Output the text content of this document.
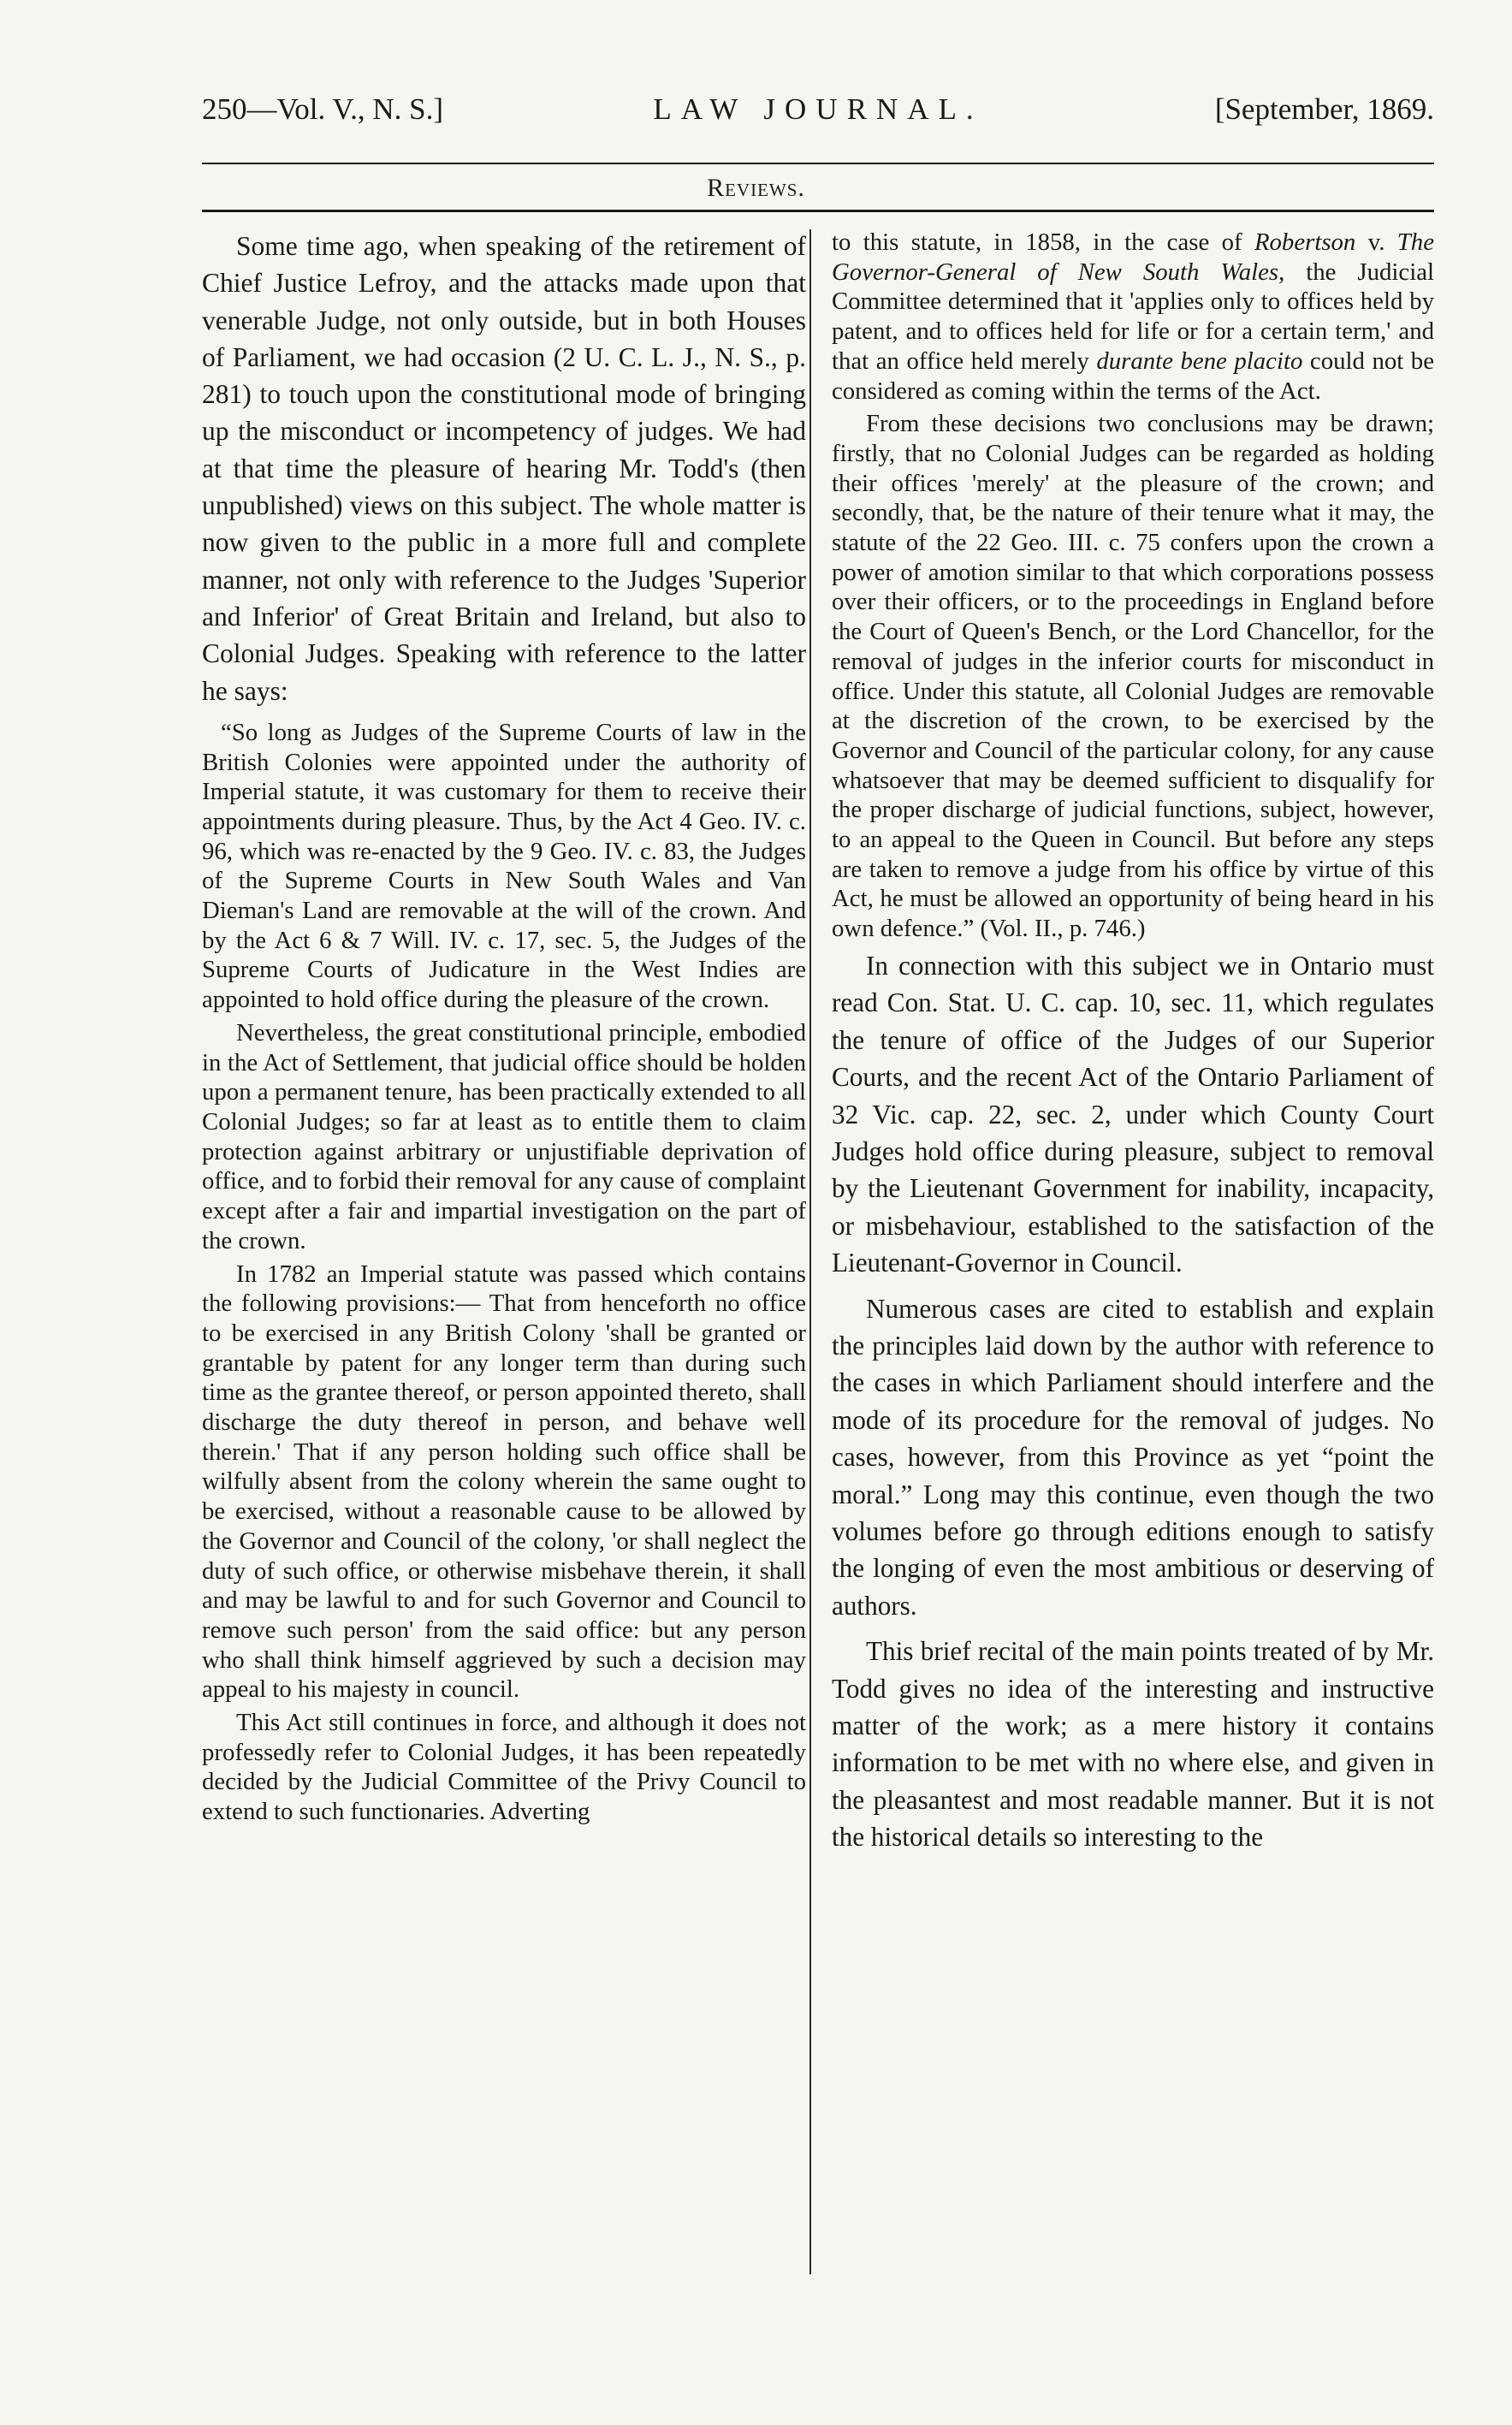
250—Vol. V., N. S.]	LAW JOURNAL.	[September, 1869.
Reviews.

Some time ago, when speaking of the retirement of Chief Justice Lefroy, and the attacks made upon that venerable Judge, not only outside, but in both Houses of Parliament, we had occasion (2 U. C. L. J., N. S., p. 281) to touch upon the constitutional mode of bringing up the misconduct or incompetency of judges. We had at that time the pleasure of hearing Mr. Todd's (then unpublished) views on this subject. The whole matter is now given to the public in a more full and complete manner, not only with reference to the Judges 'Superior and Inferior' of Great Britain and Ireland, but also to Colonial Judges. Speaking with reference to the latter he says:

“So long as Judges of the Supreme Courts of law in the British Colonies were appointed under the authority of Imperial statute, it was customary for them to receive their appointments during pleasure. Thus, by the Act 4 Geo. IV. c. 96, which was re-enacted by the 9 Geo. IV. c. 83, the Judges of the Supreme Courts in New South Wales and Van Dieman's Land are removable at the will of the crown. And by the Act 6 & 7 Will. IV. c. 17, sec. 5, the Judges of the Supreme Courts of Judicature in the West Indies are appointed to hold office during the pleasure of the crown.

Nevertheless, the great constitutional principle, embodied in the Act of Settlement, that judicial office should be holden upon a permanent tenure, has been practically extended to all Colonial Judges; so far at least as to entitle them to claim protection against arbitrary or unjustifiable deprivation of office, and to forbid their removal for any cause of complaint except after a fair and impartial investigation on the part of the crown.

In 1782 an Imperial statute was passed which contains the following provisions:— That from henceforth no office to be exercised in any British Colony 'shall be granted or grantable by patent for any longer term than during such time as the grantee thereof, or person appointed thereto, shall discharge the duty thereof in person, and behave well therein.' That if any person holding such office shall be wilfully absent from the colony wherein the same ought to be exercised, without a reasonable cause to be allowed by the Governor and Council of the colony, 'or shall neglect the duty of such office, or otherwise misbehave therein, it shall and may be lawful to and for such Governor and Council to remove such person' from the said office: but any person who shall think himself aggrieved by such a decision may appeal to his majesty in council.

This Act still continues in force, and although it does not professedly refer to Colonial Judges, it has been repeatedly decided by the Judicial Committee of the Privy Council to extend to such functionaries. Adverting

to this statute, in 1858, in the case of Robertson v. The Governor-General of New South Wales, the Judicial Committee determined that it 'applies only to offices held by patent, and to offices held for life or for a certain term,' and that an office held merely durante bene placito could not be considered as coming within the terms of the Act.

From these decisions two conclusions may be drawn; firstly, that no Colonial Judges can be regarded as holding their offices 'merely' at the pleasure of the crown; and secondly, that, be the nature of their tenure what it may, the statute of the 22 Geo. III. c. 75 confers upon the crown a power of amotion similar to that which corporations possess over their officers, or to the proceedings in England before the Court of Queen's Bench, or the Lord Chancellor, for the removal of judges in the inferior courts for misconduct in office. Under this statute, all Colonial Judges are removable at the discretion of the crown, to be exercised by the Governor and Council of the particular colony, for any cause whatsoever that may be deemed sufficient to disqualify for the proper discharge of judicial functions, subject, however, to an appeal to the Queen in Council. But before any steps are taken to remove a judge from his office by virtue of this Act, he must be allowed an opportunity of being heard in his own defence.” (Vol. II., p. 746.)

In connection with this subject we in Ontario must read Con. Stat. U. C. cap. 10, sec. 11, which regulates the tenure of office of the Judges of our Superior Courts, and the recent Act of the Ontario Parliament of 32 Vic. cap. 22, sec. 2, under which County Court Judges hold office during pleasure, subject to removal by the Lieutenant Government for inability, incapacity, or misbehaviour, established to the satisfaction of the Lieutenant-Governor in Council.

Numerous cases are cited to establish and explain the principles laid down by the author with reference to the cases in which Parliament should interfere and the mode of its procedure for the removal of judges. No cases, however, from this Province as yet “point the moral.” Long may this continue, even though the two volumes before go through editions enough to satisfy the longing of even the most ambitious or deserving of authors.

This brief recital of the main points treated of by Mr. Todd gives no idea of the interesting and instructive matter of the work; as a mere history it contains information to be met with no where else, and given in the pleasantest and most readable manner. But it is not the historical details so interesting to the
